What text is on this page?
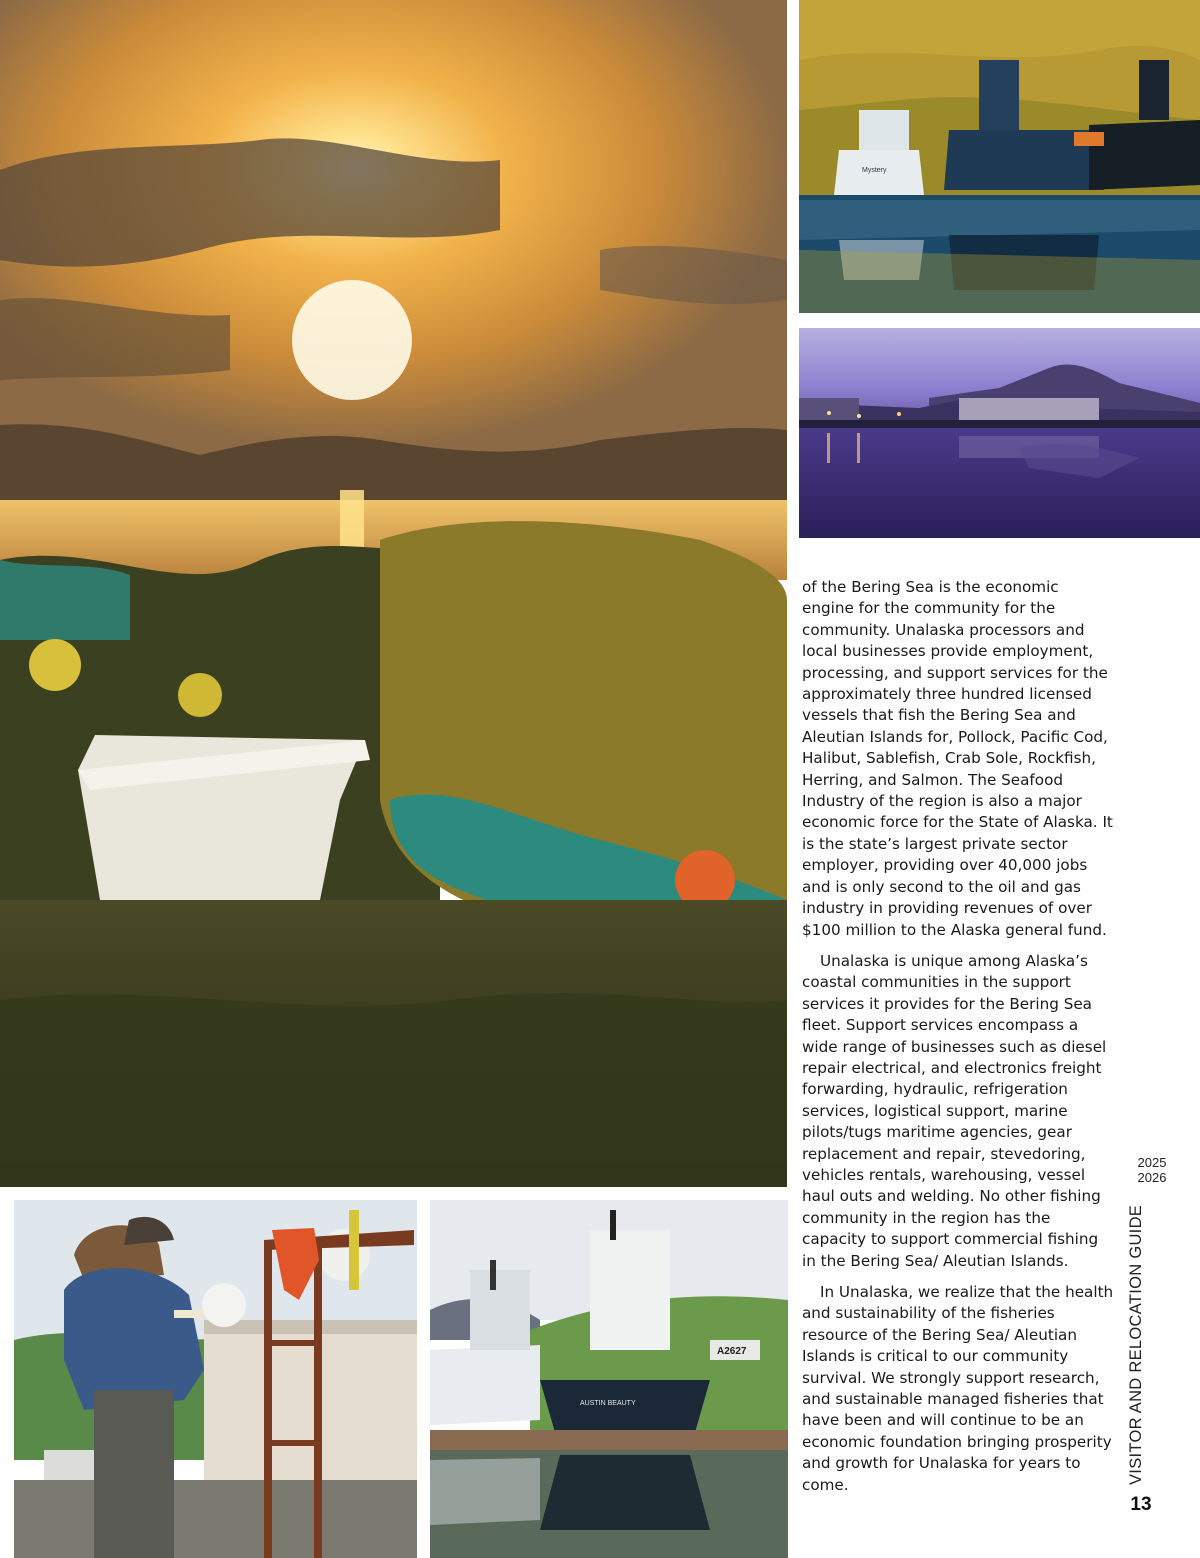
Mystery
A2627
AUSTIN BEAUTY

of the Bering Sea is the economic engine for the community for the community. Unalaska processors and local businesses provide employment, processing, and support services for the approximately three hundred licensed vessels that fish the Bering Sea and Aleutian Islands for, Pollock, Pacific Cod, Halibut, Sablefish, Crab Sole, Rockfish, Herring, and Salmon. The Seafood Industry of the region is also a major economic force for the State of Alaska. It is the state’s largest private sector employer, providing over 40,000 jobs and is only second to the oil and gas industry in providing revenues of over $100 million to the Alaska general fund.

Unalaska is unique among Alaska’s coastal communities in the support services it provides for the Bering Sea fleet. Support services encompass a wide range of businesses such as diesel repair electrical, and electronics freight forwarding, hydraulic, refrigeration services, logistical support, marine pilots/tugs maritime agencies, gear replacement and repair, stevedoring, vehicles rentals, warehousing, vessel haul outs and welding. No other fishing community in the region has the capacity to support commercial fishing in the Bering Sea/ Aleutian Islands.

In Unalaska, we realize that the health and sustainability of the fisheries resource of the Bering Sea/ Aleutian Islands is critical to our community survival. We strongly support research, and sustainable managed fisheries that have been and will continue to be an economic foundation bringing prosperity and growth for Unalaska for years to come.

2025
2026
VISITOR AND RELOCATION GUIDE
13
